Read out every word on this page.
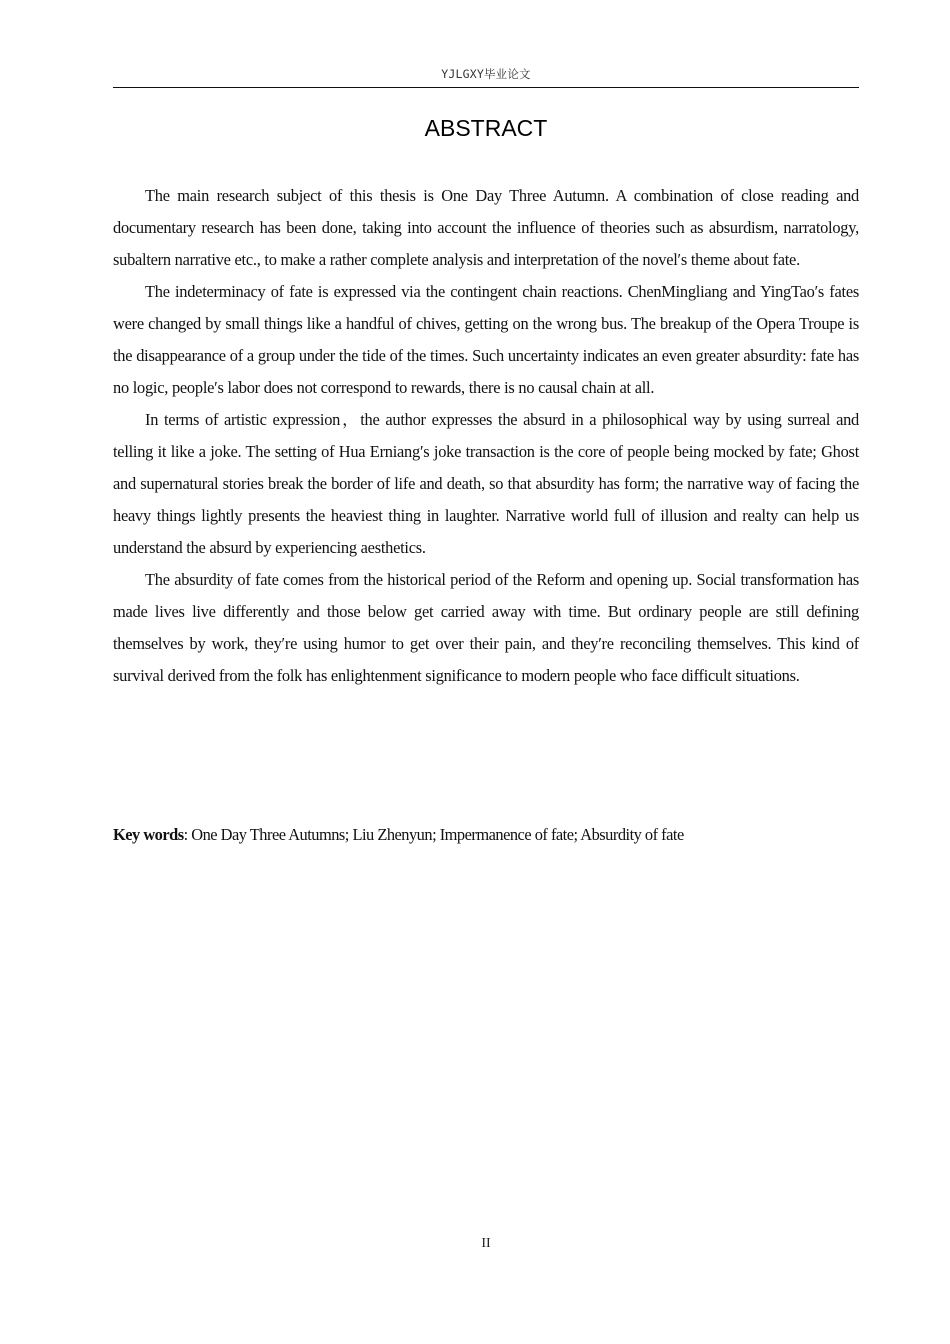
YJLGXY毕业论文
ABSTRACT

The main research subject of this thesis is One Day Three Autumn. A combination of close reading and documentary research has been done, taking into account the influence of theories such as absurdism, narratology, subaltern narrative etc., to make a rather complete analysis and interpretation of the novel′s theme about fate.

The indeterminacy of fate is expressed via the contingent chain reactions. ChenMingliang and YingTao′s fates were changed by small things like a handful of chives, getting on the wrong bus. The breakup of the Opera Troupe is the disappearance of a group under the tide of the times. Such uncertainty indicates an even greater absurdity: fate has no logic, people′s labor does not correspond to rewards, there is no causal chain at all.

In terms of artistic expression，the author expresses the absurd in a philosophical way by using surreal and telling it like a joke. The setting of Hua Erniang′s joke transaction is the core of people being mocked by fate; Ghost and supernatural stories break the border of life and death, so that absurdity has form; the narrative way of facing the heavy things lightly presents the heaviest thing in laughter. Narrative world full of illusion and realty can help us understand the absurd by experiencing aesthetics.

The absurdity of fate comes from the historical period of the Reform and opening up. Social transformation has made lives live differently and those below get carried away with time. But ordinary people are still defining themselves by work, they′re using humor to get over their pain, and they′re reconciling themselves. This kind of survival derived from the folk has enlightenment significance to modern people who face difficult situations.

Key words: One Day Three Autumns; Liu Zhenyun; Impermanence of fate; Absurdity of fate

II
